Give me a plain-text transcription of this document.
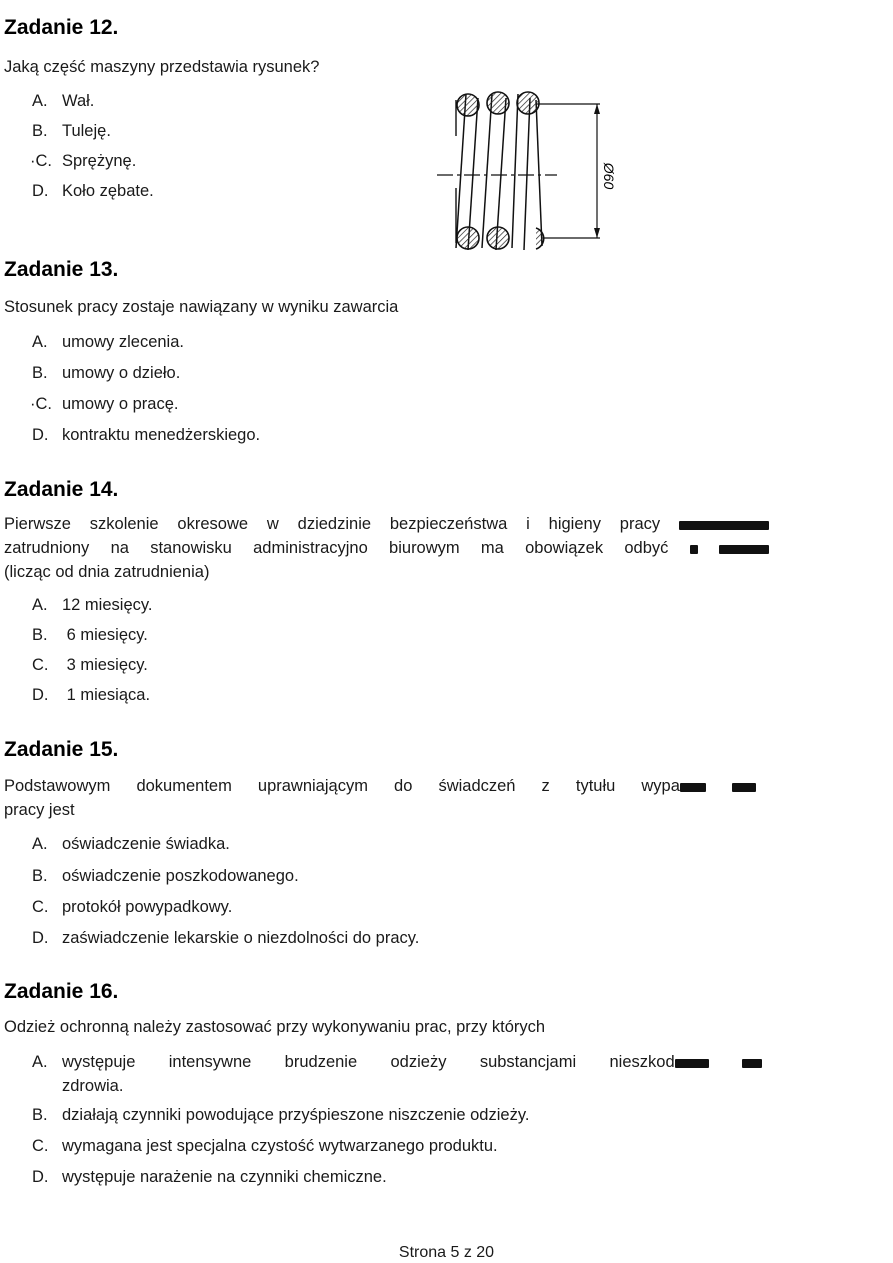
Zadanie 12.
Jaką część maszyny przedstawia rysunek?
A. Wał.
B. Tuleję.
·C. Sprężynę.
D. Koło zębate.
Ø60
Zadanie 13.
Stosunek pracy zostaje nawiązany w wyniku zawarcia
A. umowy zlecenia.
B. umowy o dzieło.
·C. umowy o pracę.
D. kontraktu menedżerskiego.
Zadanie 14.
Pierwsze szkolenie okresowe w dziedzinie bezpieczeństwa i higieny pracy
zatrudniony na stanowisku administracyjno biurowym ma obowiązek odbyć
(licząc od dnia zatrudnienia)
A. 12 miesięcy.
B. 6 miesięcy.
C. 3 miesięcy.
D. 1 miesiąca.
Zadanie 15.
Podstawowym dokumentem uprawniającym do świadczeń z tytułu wypa
pracy jest
A. oświadczenie świadka.
B. oświadczenie poszkodowanego.
C. protokół powypadkowy.
D. zaświadczenie lekarskie o niezdolności do pracy.
Zadanie 16.
Odzież ochronną należy zastosować przy wykonywaniu prac, przy których
A. występuje intensywne brudzenie odzieży substancjami nieszkod
zdrowia.
B. działają czynniki powodujące przyśpieszone niszczenie odzieży.
C. wymagana jest specjalna czystość wytwarzanego produktu.
D. występuje narażenie na czynniki chemiczne.
Strona 5 z 20
